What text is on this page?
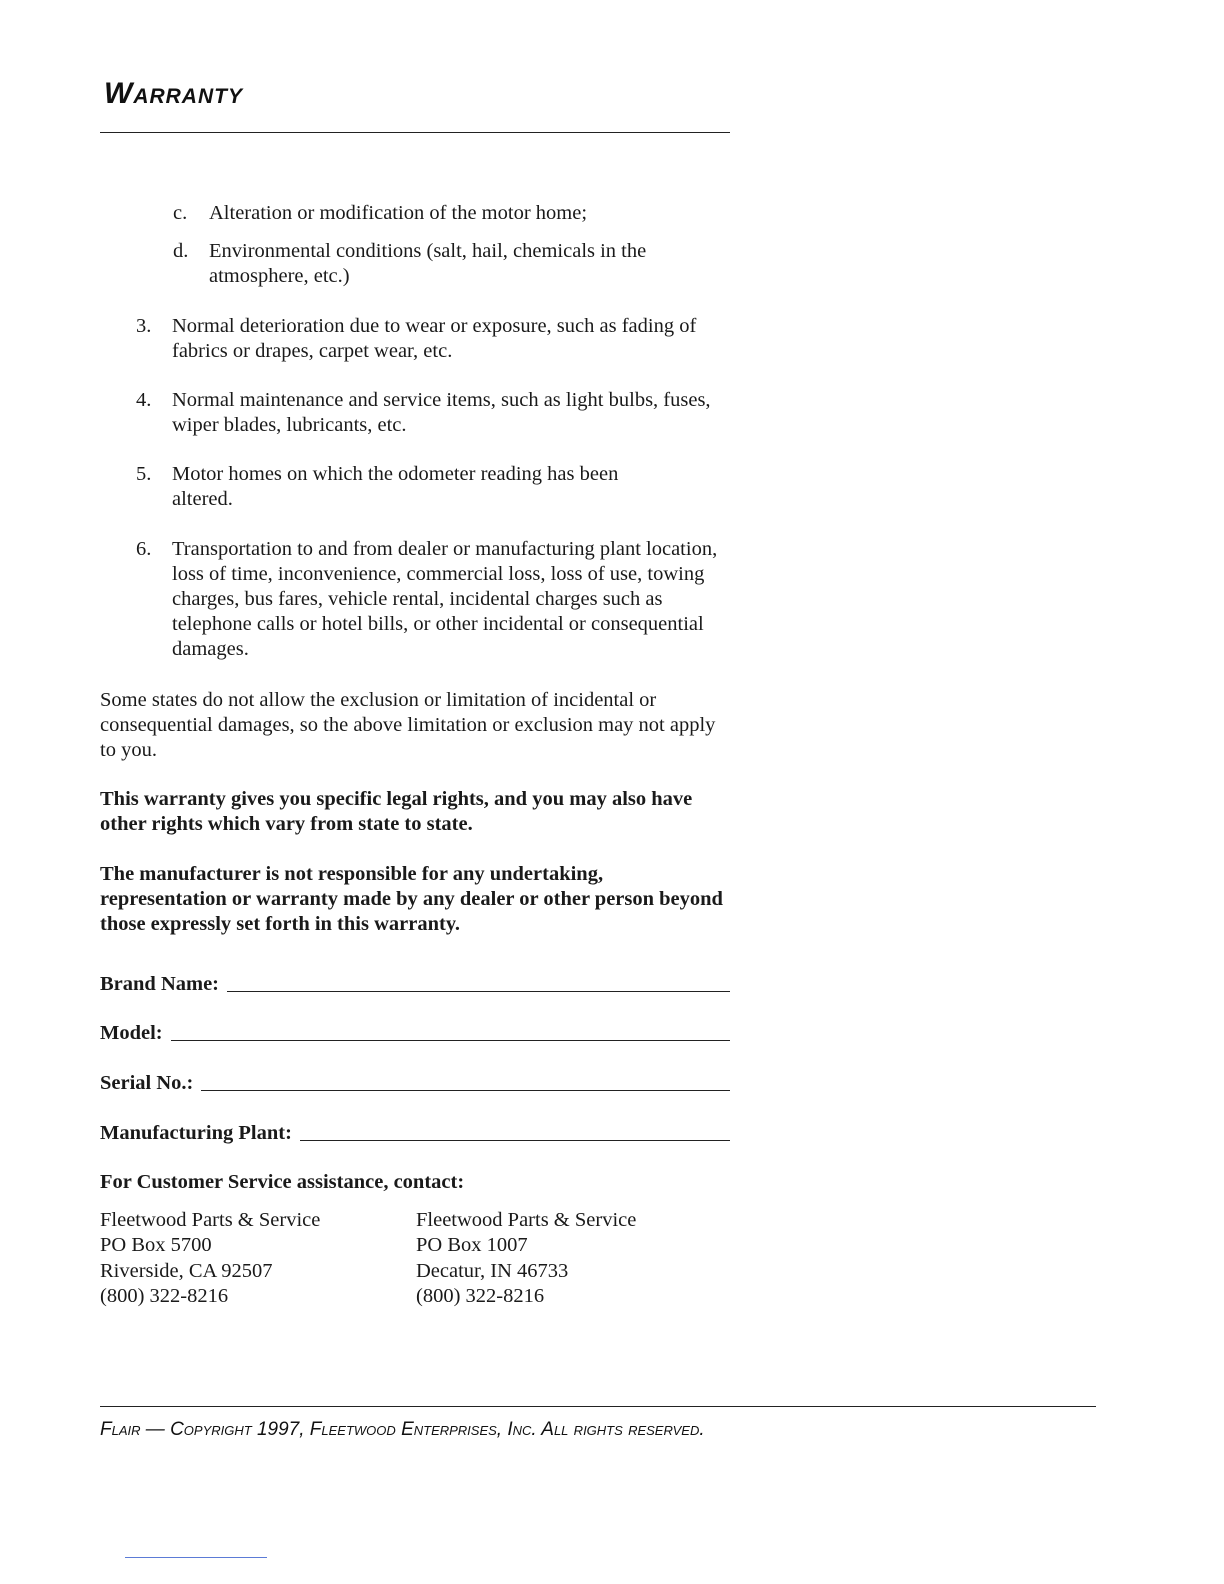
Warranty
c. Alteration or modification of the motor home;
d. Environmental conditions (salt, hail, chemicals in the atmosphere, etc.)
3. Normal deterioration due to wear or exposure, such as fading of fabrics or drapes, carpet wear, etc.
4. Normal maintenance and service items, such as light bulbs, fuses, wiper blades, lubricants, etc.
5. Motor homes on which the odometer reading has been altered.
6. Transportation to and from dealer or manufacturing plant location, loss of time, inconvenience, commercial loss, loss of use, towing charges, bus fares, vehicle rental, incidental charges such as telephone calls or hotel bills, or other incidental or consequential damages.

Some states do not allow the exclusion or limitation of incidental or consequential damages, so the above limitation or exclusion may not apply to you.

This warranty gives you specific legal rights, and you may also have other rights which vary from state to state.

The manufacturer is not responsible for any undertaking, representation or warranty made by any dealer or other person beyond those expressly set forth in this warranty.

Brand Name:
Model:
Serial No.:
Manufacturing Plant:

For Customer Service assistance, contact:

Fleetwood Parts & Service
PO Box 5700
Riverside, CA 92507
(800) 322-8216
Fleetwood Parts & Service
PO Box 1007
Decatur, IN 46733
(800) 322-8216

Flair — Copyright 1997, Fleetwood Enterprises, Inc. All rights reserved.
